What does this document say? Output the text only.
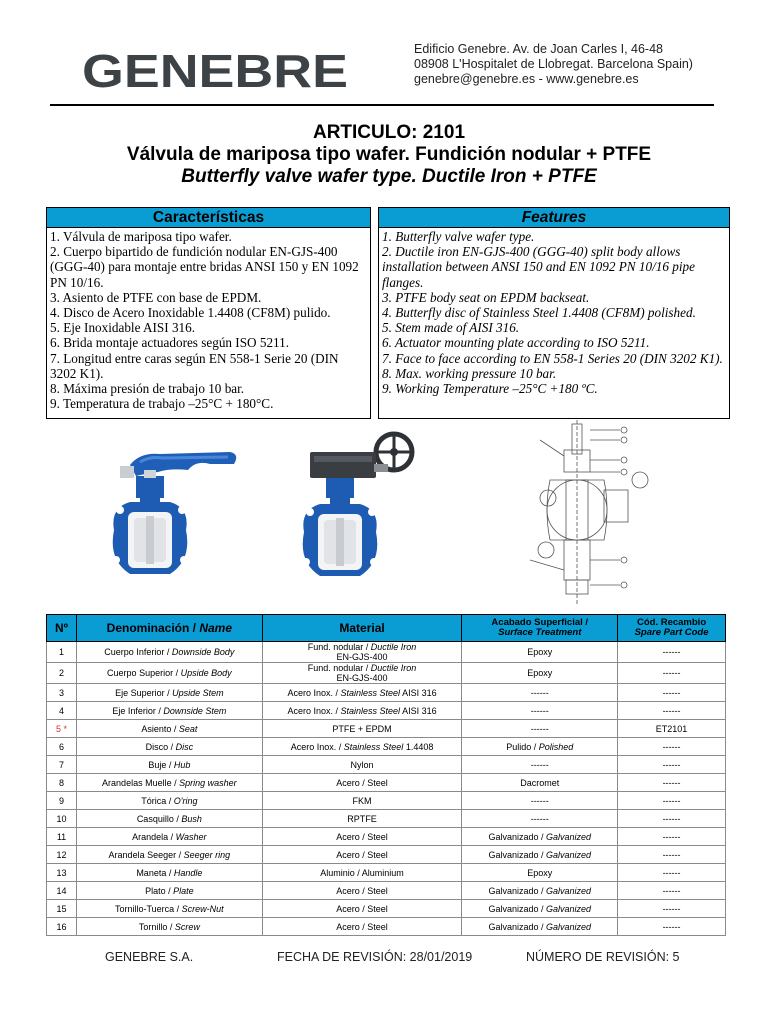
GENEBRE	Edificio Genebre. Av. de Joan Carles I, 46-48
08908 L'Hospitalet de Llobregat. Barcelona Spain)
genebre@genebre.es - www.genebre.es
ARTICULO: 2101
Válvula de mariposa tipo wafer. Fundición nodular + PTFE
Butterfly valve wafer type. Ductile Iron + PTFE
Características
1. Válvula de mariposa tipo wafer.
2. Cuerpo bipartido de fundición nodular EN-GJS-400 (GGG-40) para montaje entre bridas ANSI 150 y EN 1092 PN 10/16.
3. Asiento de PTFE con base de EPDM.
4. Disco de Acero Inoxidable 1.4408 (CF8M) pulido.
5. Eje Inoxidable AISI 316.
6. Brida montaje actuadores según ISO 5211.
7. Longitud entre caras según EN 558-1 Serie 20 (DIN 3202 K1).
8. Máxima presión de trabajo 10 bar.
9. Temperatura de trabajo –25°C + 180°C.
Features
1. Butterfly valve wafer type.
2. Ductile iron EN-GJS-400 (GGG-40) split body allows installation between ANSI 150 and EN 1092 PN 10/16 pipe flanges.
3. PTFE body seat on EPDM backseat.
4. Butterfly disc of Stainless Steel 1.4408 (CF8M) polished.
5. Stem made of AISI 316.
6. Actuator mounting plate according to ISO 5211.
7. Face to face according to EN 558-1 Series 20 (DIN 3202 K1).
8. Max. working pressure 10 bar.
9. Working Temperature –25°C +180 ºC.
Nº	Denominación / Name	Material	Acabado Superficial /
Surface Treatment	Cód. Recambio
Spare Part Code
1	Cuerpo Inferior / Downside Body	Fund. nodular / Ductile Iron
EN-GJS-400	Epoxy	------
2	Cuerpo Superior / Upside Body	Fund. nodular / Ductile Iron
EN-GJS-400	Epoxy	------
3	Eje Superior / Upside Stem	Acero Inox. / Stainless Steel AISI 316	------	------
4	Eje Inferior / Downside Stem	Acero Inox. / Stainless Steel AISI 316	------	------
5 *	Asiento / Seat	PTFE + EPDM	------	ET2101
6	Disco / Disc	Acero Inox. / Stainless Steel 1.4408	Pulido / Polished	------
7	Buje / Hub	Nylon	------	------
8	Arandelas Muelle / Spring washer	Acero / Steel	Dacromet	------
9	Tórica / O'ring	FKM	------	------
10	Casquillo / Bush	RPTFE	------	------
11	Arandela / Washer	Acero / Steel	Galvanizado / Galvanized	------
12	Arandela Seeger / Seeger ring	Acero / Steel	Galvanizado / Galvanized	------
13	Maneta / Handle	Aluminio / Aluminium	Epoxy	------
14	Plato / Plate	Acero / Steel	Galvanizado / Galvanized	------
15	Tornillo-Tuerca / Screw-Nut	Acero / Steel	Galvanizado / Galvanized	------
16	Tornillo / Screw	Acero / Steel	Galvanizado / Galvanized	------
GENEBRE S.A.	FECHA DE REVISIÓN: 28/01/2019	NÚMERO DE REVISIÓN: 5
